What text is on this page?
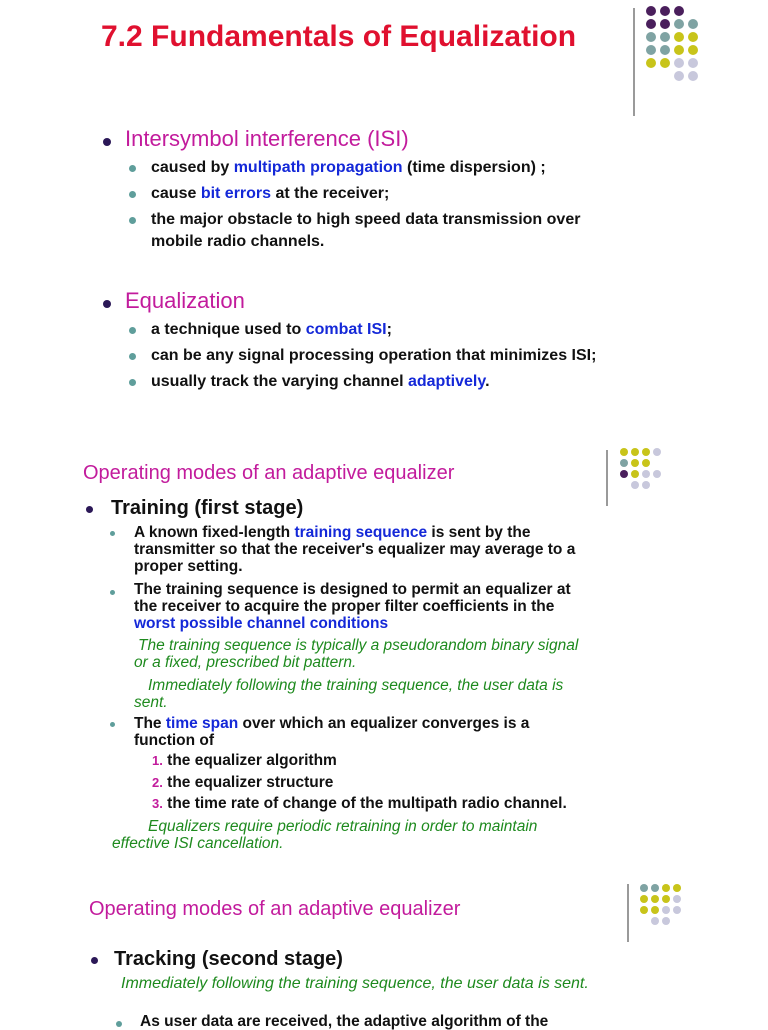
7.2 Fundamentals of Equalization
Intersymbol interference (ISI)
caused by multipath propagation (time dispersion) ;
cause bit errors at the receiver;
the major obstacle to high speed data transmission over
mobile radio channels.
Equalization
a technique used to combat ISI;
can be any signal processing operation that minimizes ISI;
usually track the varying channel adaptively.
Operating modes of an adaptive equalizer
Training (first stage)
A known fixed-length training sequence is sent by the
transmitter so that the receiver's equalizer may average to a
proper setting.
The training sequence is designed to permit an equalizer at
the receiver to acquire the proper filter coefficients in the
worst possible channel conditions
The training sequence is typically a pseudorandom binary signal
or a fixed, prescribed bit pattern.
Immediately following the training sequence, the user data is
sent.
The time span over which an equalizer converges is a
function of
1. the equalizer algorithm
2. the equalizer structure
3. the time rate of change of the multipath radio channel.
Equalizers require periodic retraining in order to maintain
effective ISI cancellation.
Operating modes of an adaptive equalizer
Tracking (second stage)
Immediately following the training sequence, the user data is sent.
As user data are received, the adaptive algorithm of the
